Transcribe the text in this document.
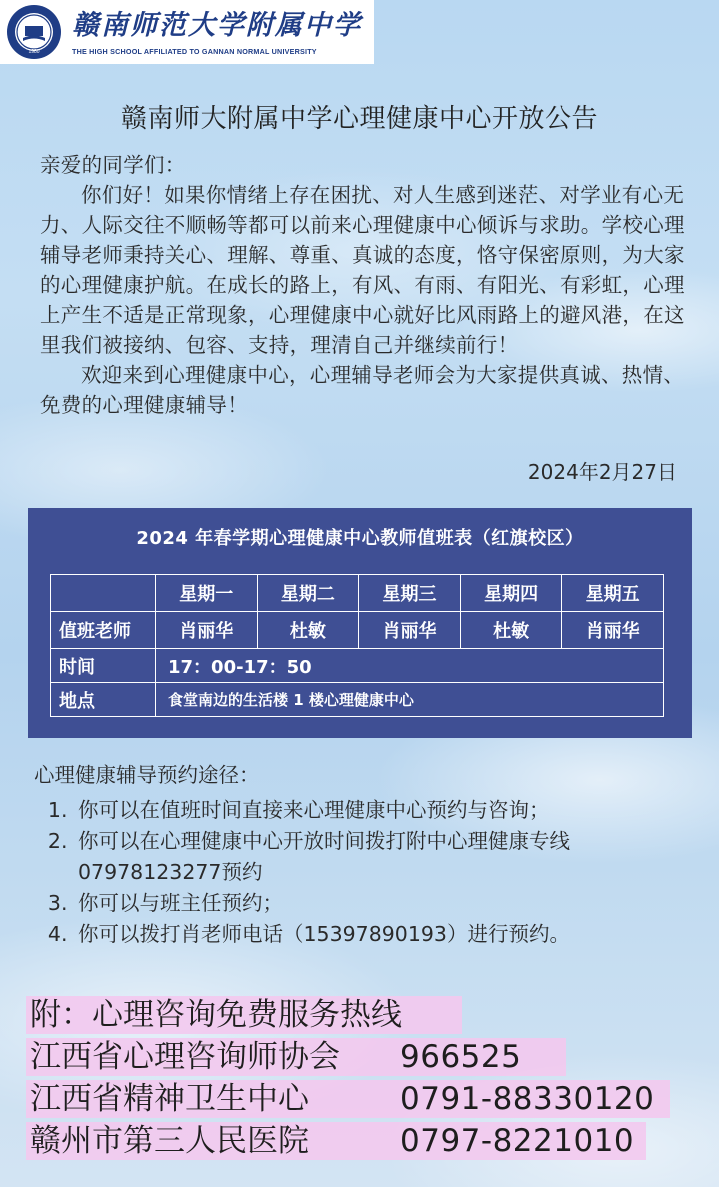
1980
赣南师范大学附属中学
THE HIGH SCHOOL AFFILIATED TO GANNAN NORMAL UNIVERSITY
赣南师大附属中学心理健康中心开放公告

亲爱的同学们：

你们好！如果你情绪上存在困扰、对人生感到迷茫、对学业有心无力、人际交往不顺畅等都可以前来心理健康中心倾诉与求助。学校心理辅导老师秉持关心、理解、尊重、真诚的态度，恪守保密原则，为大家的心理健康护航。在成长的路上，有风、有雨、有阳光、有彩虹，心理上产生不适是正常现象，心理健康中心就好比风雨路上的避风港，在这里我们被接纳、包容、支持，理清自己并继续前行！

欢迎来到心理健康中心，心理辅导老师会为大家提供真诚、热情、免费的心理健康辅导！

2024年2月27日
2024 年春学期心理健康中心教师值班表（红旗校区）
	星期一	星期二	星期三	星期四	星期五
值班老师	肖丽华	杜敏	肖丽华	杜敏	肖丽华
时间	17：00-17：50				
地点	食堂南边的生活楼 1 楼心理健康中心				
心理健康辅导预约途径：
1. 你可以在值班时间直接来心理健康中心预约与咨询；
2. 你可以在心理健康中心开放时间拨打附中心理健康专线07978123277预约
3. 你可以与班主任预约；
4. 你可以拨打肖老师电话（15397890193）进行预约。
附：心理咨询免费服务热线
江西省心理咨询师协会	966525
江西省精神卫生中心	0791-88330120
赣州市第三人民医院	0797-8221010
